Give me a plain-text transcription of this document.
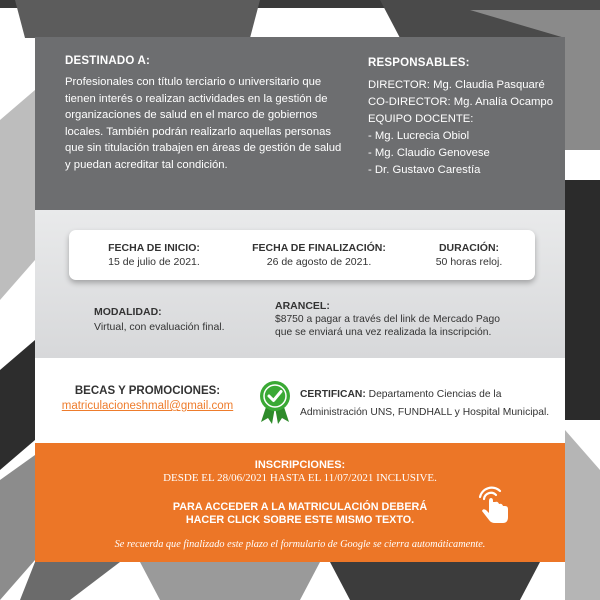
DESTINADO A:

Profesionales con título terciario o universitario que tienen interés o realizan actividades en la gestión de organizaciones de salud en el marco de gobiernos locales. También podrán realizarlo aquellas personas que sin titulación trabajen en áreas de gestión de salud y puedan acreditar tal condición.

RESPONSABLES:
DIRECTOR: Mg. Claudia Pasquaré
CO-DIRECTOR: Mg. Analía Ocampo
EQUIPO DOCENTE:
- Mg. Lucrecia Obiol
- Mg. Claudio Genovese
- Dr. Gustavo Carestía
FECHA DE INICIO:
15 de julio de 2021.
FECHA DE FINALIZACIÓN:
26 de agosto de 2021.
DURACIÓN:
50 horas reloj.
MODALIDAD:
Virtual, con evaluación final.
ARANCEL:
$8750 a pagar a través del link de Mercado Pago
que se enviará una vez realizada la inscripción.
BECAS Y PROMOCIONES:
matriculacioneshmall@gmail.com
CERTIFICAN: Departamento Ciencias de la Administración UNS, FUNDHALL y Hospital Municipal.
INSCRIPCIONES:
DESDE EL 28/06/2021 HASTA EL 11/07/2021 INCLUSIVE.
PARA ACCEDER A LA MATRICULACIÓN DEBERÁ
HACER CLICK SOBRE ESTE MISMO TEXTO.
Se recuerda que finalizado este plazo el formulario de Google se cierra automáticamente.
